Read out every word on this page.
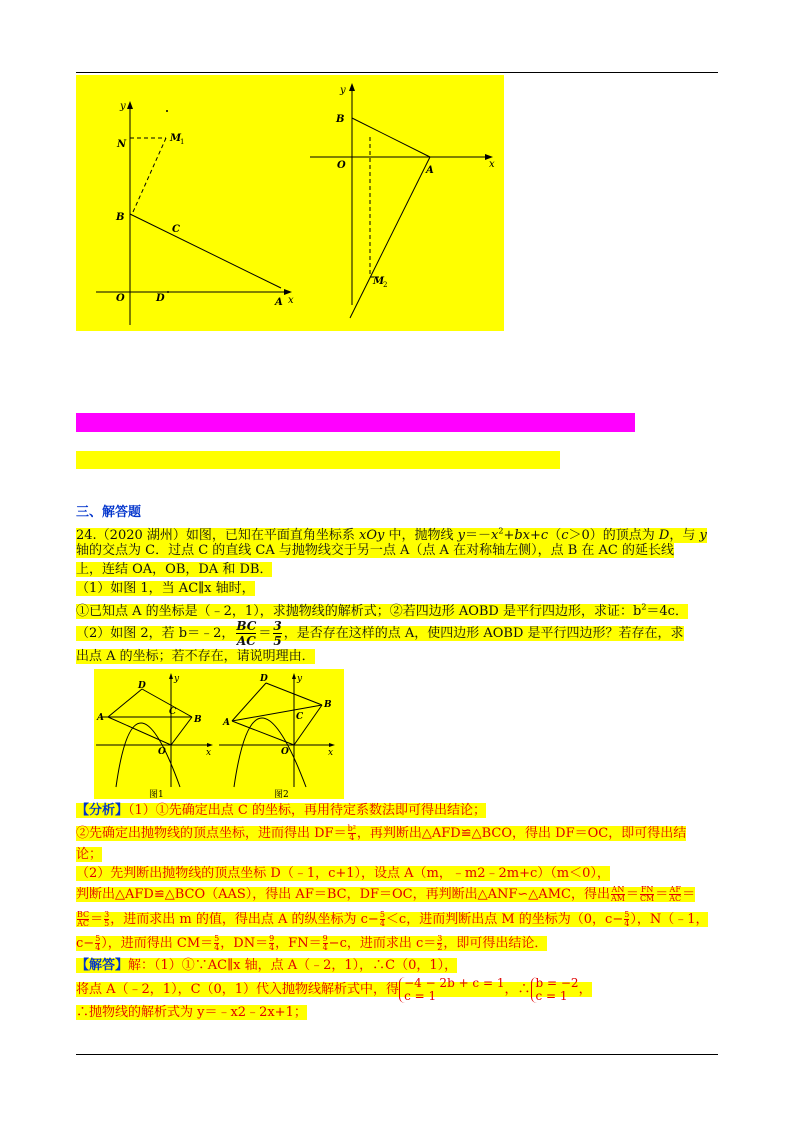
y
N
M
1
B
C
O	D	A x
y
B
O	A
x
M
2
三、解答题
24.（2020 湖州）如图，已知在平面直角坐标系 xOy 中，抛物线 $y=-x^2+bx+c(c>0)$的顶点为 D，与 y
轴的交点为 C．过点 C 的直线 CA 与抛物线交于另一点 A（点 A 在对称轴左侧），点 B 在 AC 的延长线
上，连结 OA，OB，DA 和 DB．
（1）如图 1，当 AC∥x 轴时，
①已知点 A 的坐标是（﹣2，1），求抛物线的解析式；②若四边形 AOBD 是平行四边形，求证：$b^2=4c$．
（2）如图 2，若 b＝﹣2， $\frac{BC}{AC} = \frac{3}{5}$ ，是否存在这样的点 A，使四边形 AOBD 是平行四边形？若存在，求
出点 A 的坐标；若不存在，请说明理由．
y
D
A
C
B
O	x
图1
y
D
A
C
B
O	x
图2
【分析】（1）①先确定出点 C 的坐标，再用待定系数法即可得出结论；
②先确定出抛物线的顶点坐标，进而得出 $DF= \frac{\text{b²}}{4}$ ，再判断出△AFD≌△BCO，得出 DF＝OC，即可得出结
论；
（2）先判断出抛物线的顶点坐标 D（﹣1，c+1），设点 A（m，﹣m2﹣2m+c）（m＜0），
判断出△AFD≌△BCO（AAS），得出 AF＝BC，DF＝OC，再判断出△ANF∽△AMC，得出 $\frac{AN}{AM} = \frac{FN}{CM} = \frac{AF}{AC}$ ＝
$\frac{BC}{AC} = \frac{3}{5}$ ，进而求出 m 的值，得出点 A 的纵坐标为 $c- \frac{5}{4} <c$，进而判断出点 M 的坐标为（0，$c- \frac{5}{4}$ ），N（﹣1，
$c- \frac{5}{4}$ ），进而得出 $CM= \frac{5}{4}$ ，$DN= \frac{9}{4}$ ，$FN= \frac{9}{4} -c$，进而求出 $c= \frac{3}{2}$ ，即可得出结论．
【解答】解：（1）①∵AC∥x 轴，点 A（﹣2，1），∴C（0，1），
将点 A（﹣2，1），C（0，1）代入抛物线解析式中，得 −4 − 2b + c = 1
c = 1	，∴ b = −2
c = 1 ，
∴抛物线的解析式为 y＝﹣x2﹣2x+1；
